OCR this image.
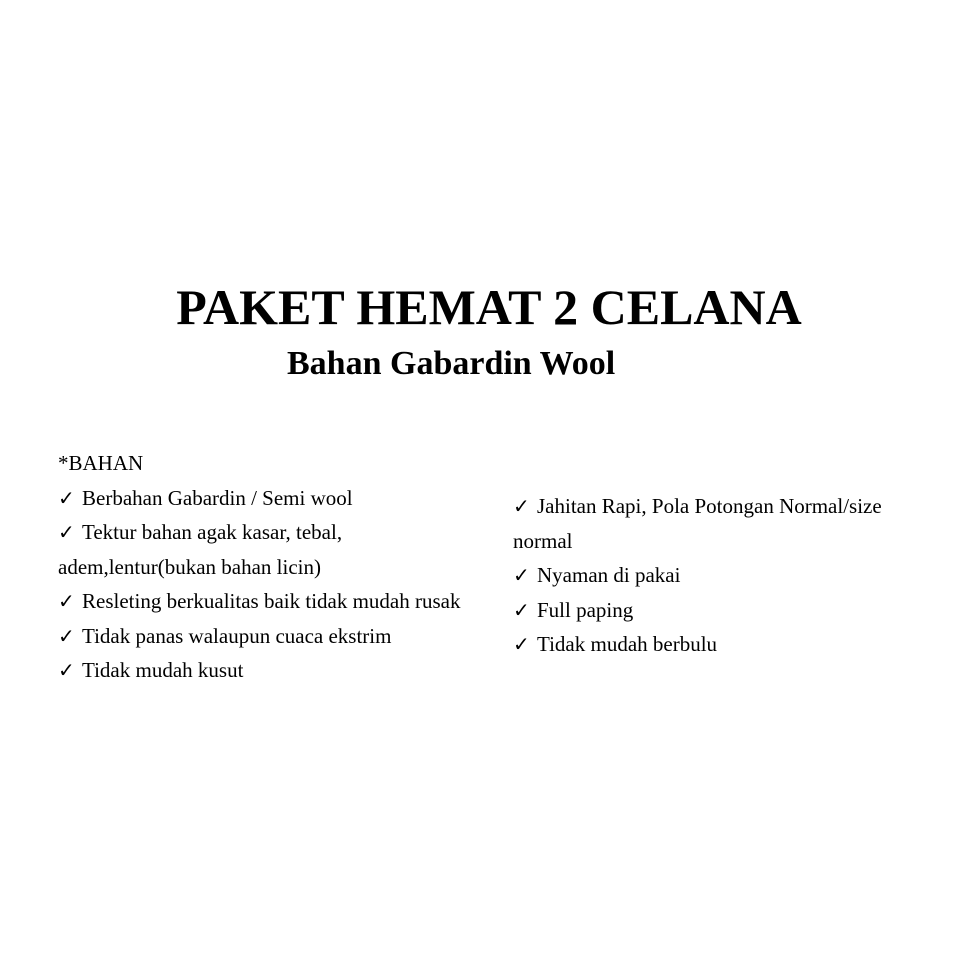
PAKET HEMAT 2 CELANA
Bahan Gabardin Wool
*BAHAN
✓ Berbahan Gabardin / Semi wool
✓ Tektur bahan agak kasar, tebal,
adem,lentur(bukan bahan licin)
✓ Resleting berkualitas baik tidak mudah rusak
✓ Tidak panas walaupun cuaca ekstrim
✓ Tidak mudah kusut
✓ Jahitan Rapi, Pola Potongan Normal/size
normal
✓ Nyaman di pakai
✓ Full paping
✓ Tidak mudah berbulu
